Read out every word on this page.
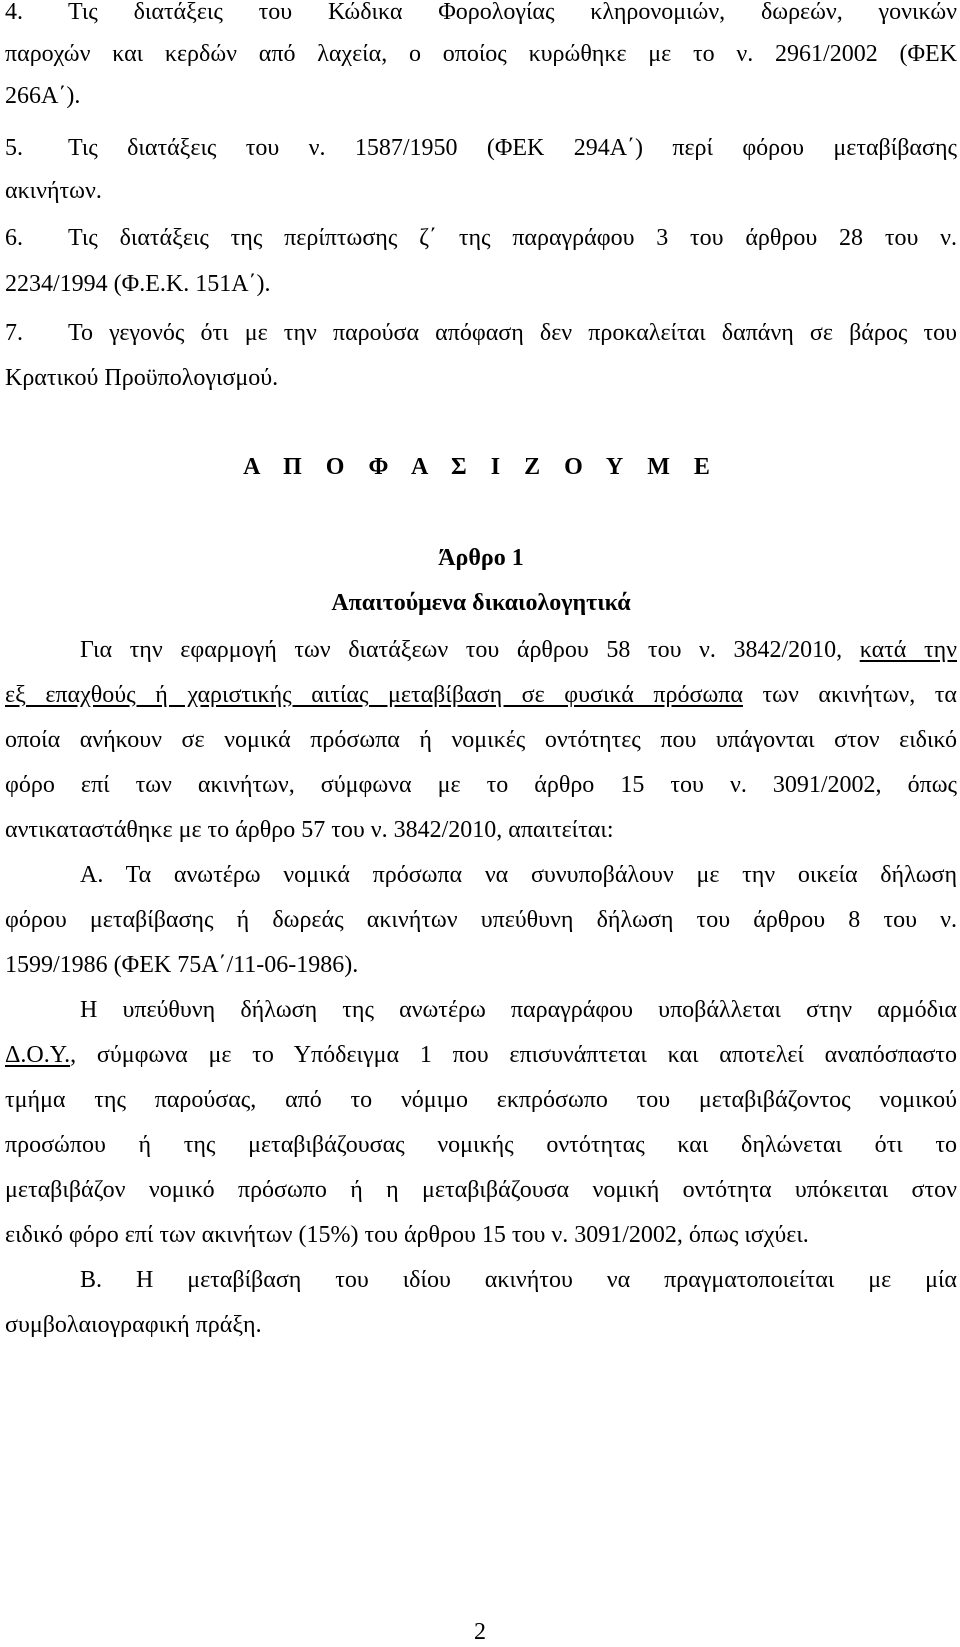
4. Τις διατάξεις του Κώδικα Φορολογίας κληρονομιών, δωρεών, γονικών
παροχών και κερδών από λαχεία, ο οποίος κυρώθηκε με το ν. 2961/2002 (ΦΕΚ
266Α΄).
5. Τις διατάξεις του ν. 1587/1950 (ΦΕΚ 294Α΄) περί φόρου μεταβίβασης
ακινήτων.
6. Τις διατάξεις της περίπτωσης ζ΄ της παραγράφου 3 του άρθρου 28 του ν.
2234/1994 (Φ.Ε.Κ. 151Α΄).
7. Το γεγονός ότι με την παρούσα απόφαση δεν προκαλείται δαπάνη σε βάρος του
Κρατικού Προϋπολογισμού.
Α Π Ο Φ Α Σ Ι Ζ Ο Υ Μ Ε
Άρθρο 1
Απαιτούμενα δικαιολογητικά
Για την εφαρμογή των διατάξεων του άρθρου 58 του ν. 3842/2010, κατά την
εξ επαχθούς ή χαριστικής αιτίας μεταβίβαση σε φυσικά πρόσωπα των ακινήτων, τα
οποία ανήκουν σε νομικά πρόσωπα ή νομικές οντότητες που υπάγονται στον ειδικό
φόρο επί των ακινήτων, σύμφωνα με το άρθρο 15 του ν. 3091/2002, όπως
αντικαταστάθηκε με το άρθρο 57 του ν. 3842/2010, απαιτείται:
Α. Τα ανωτέρω νομικά πρόσωπα να συνυποβάλουν με την οικεία δήλωση
φόρου μεταβίβασης ή δωρεάς ακινήτων υπεύθυνη δήλωση του άρθρου 8 του ν.
1599/1986 (ΦΕΚ 75Α΄/11-06-1986).
Η υπεύθυνη δήλωση της ανωτέρω παραγράφου υποβάλλεται στην αρμόδια
Δ.Ο.Υ., σύμφωνα με το Υπόδειγμα 1 που επισυνάπτεται και αποτελεί αναπόσπαστο
τμήμα της παρούσας, από το νόμιμο εκπρόσωπο του μεταβιβάζοντος νομικού
προσώπου ή της μεταβιβάζουσας νομικής οντότητας και δηλώνεται ότι το
μεταβιβάζον νομικό πρόσωπο ή η μεταβιβάζουσα νομική οντότητα υπόκειται στον
ειδικό φόρο επί των ακινήτων (15%) του άρθρου 15 του ν. 3091/2002, όπως ισχύει.
Β. Η μεταβίβαση του ιδίου ακινήτου να πραγματοποιείται με μία
συμβολαιογραφική πράξη.
2
